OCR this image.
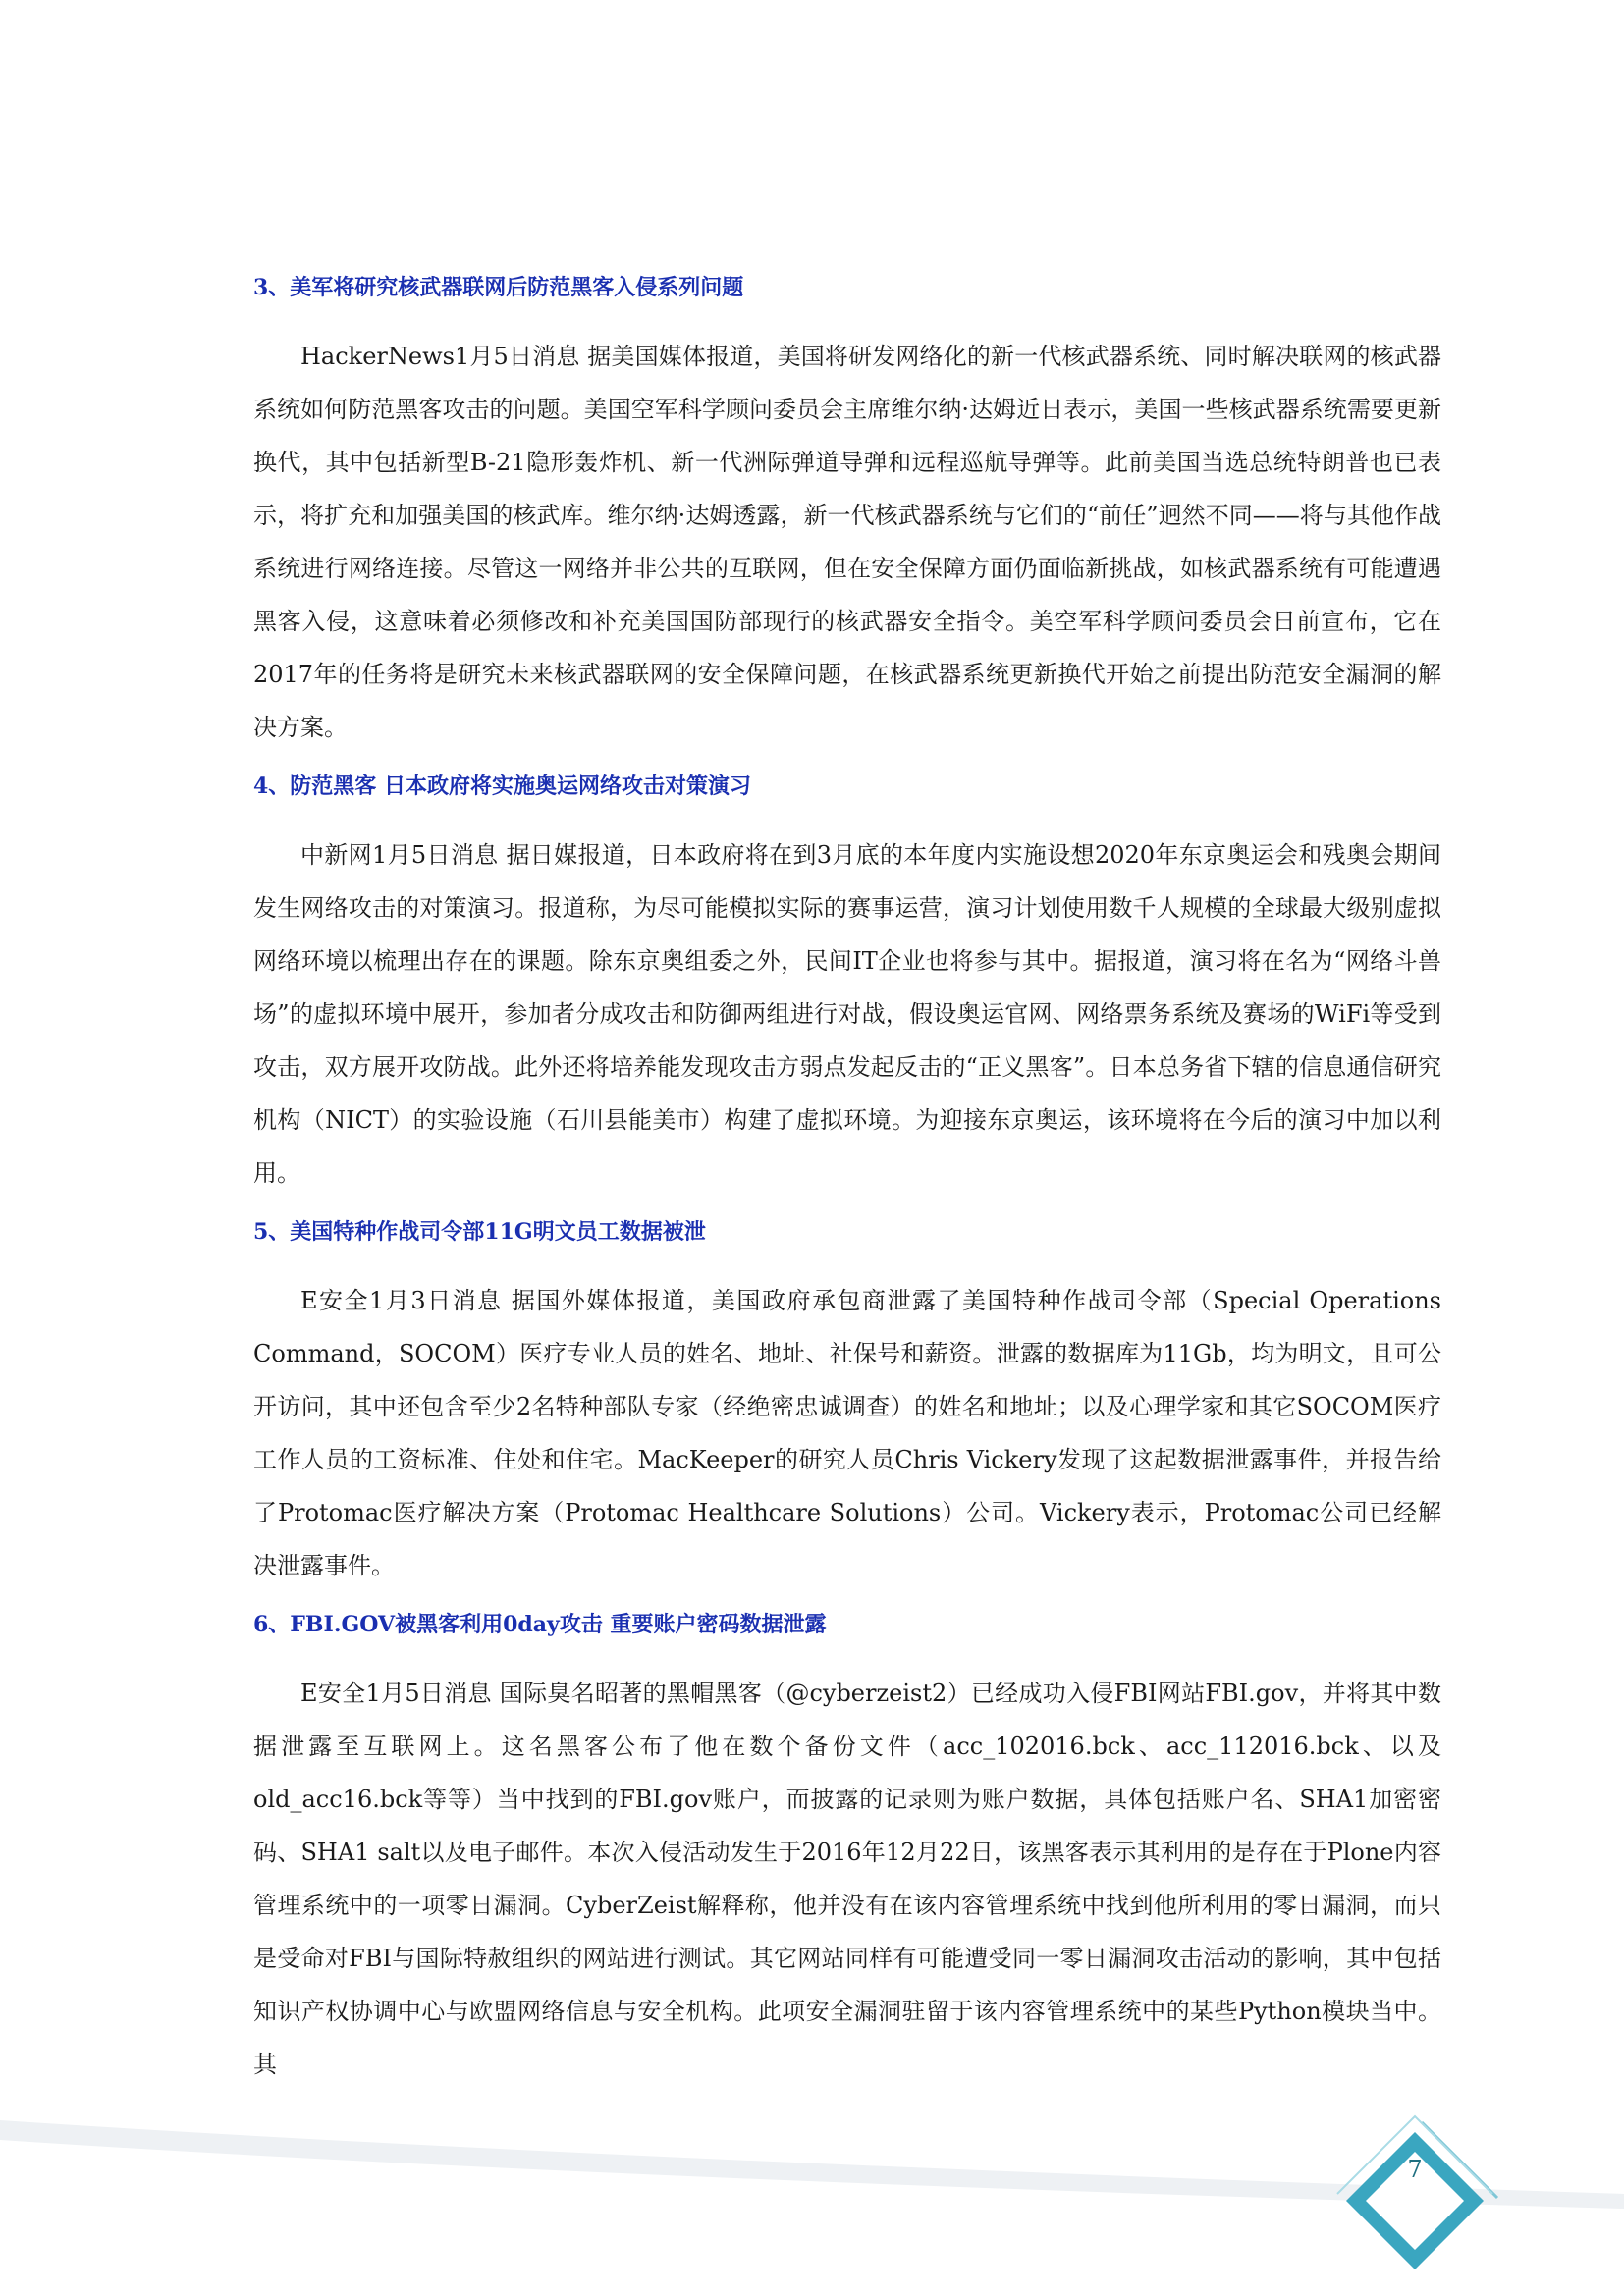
3、美军将研究核武器联网后防范黑客入侵系列问题

HackerNews1月5日消息 据美国媒体报道，美国将研发网络化的新一代核武器系统、同时解决联网的核武器系统如何防范黑客攻击的问题。美国空军科学顾问委员会主席维尔纳·达姆近日表示，美国一些核武器系统需要更新换代，其中包括新型B-21隐形轰炸机、新一代洲际弹道导弹和远程巡航导弹等。此前美国当选总统特朗普也已表示，将扩充和加强美国的核武库。维尔纳·达姆透露，新一代核武器系统与它们的“前任”迥然不同——将与其他作战系统进行网络连接。尽管这一网络并非公共的互联网，但在安全保障方面仍面临新挑战，如核武器系统有可能遭遇黑客入侵，这意味着必须修改和补充美国国防部现行的核武器安全指令。美空军科学顾问委员会日前宣布，它在2017年的任务将是研究未来核武器联网的安全保障问题，在核武器系统更新换代开始之前提出防范安全漏洞的解决方案。

4、防范黑客 日本政府将实施奥运网络攻击对策演习

中新网1月5日消息 据日媒报道，日本政府将在到3月底的本年度内实施设想2020年东京奥运会和残奥会期间发生网络攻击的对策演习。报道称，为尽可能模拟实际的赛事运营，演习计划使用数千人规模的全球最大级别虚拟网络环境以梳理出存在的课题。除东京奥组委之外，民间IT企业也将参与其中。据报道，演习将在名为“网络斗兽场”的虚拟环境中展开，参加者分成攻击和防御两组进行对战，假设奥运官网、网络票务系统及赛场的WiFi等受到攻击，双方展开攻防战。此外还将培养能发现攻击方弱点发起反击的“正义黑客”。日本总务省下辖的信息通信研究机构（NICT）的实验设施（石川县能美市）构建了虚拟环境。为迎接东京奥运，该环境将在今后的演习中加以利用。

5、美国特种作战司令部11G明文员工数据被泄

E安全1月3日消息 据国外媒体报道，美国政府承包商泄露了美国特种作战司令部（Special Operations Command，SOCOM）医疗专业人员的姓名、地址、社保号和薪资。泄露的数据库为11Gb，均为明文，且可公开访问，其中还包含至少2名特种部队专家（经绝密忠诚调查）的姓名和地址；以及心理学家和其它SOCOM医疗工作人员的工资标准、住处和住宅。MacKeeper的研究人员Chris Vickery发现了这起数据泄露事件，并报告给了Protomac医疗解决方案（Protomac Healthcare Solutions）公司。Vickery表示，Protomac公司已经解决泄露事件。

6、FBI.GOV被黑客利用0day攻击 重要账户密码数据泄露

E安全1月5日消息 国际臭名昭著的黑帽黑客（@cyberzeist2）已经成功入侵FBI网站FBI.gov，并将其中数据泄露至互联网上。这名黑客公布了他在数个备份文件（acc_102016.bck、acc_112016.bck、以及old_acc16.bck等等）当中找到的FBI.gov账户，而披露的记录则为账户数据，具体包括账户名、SHA1加密密码、SHA1 salt以及电子邮件。本次入侵活动发生于2016年12月22日，该黑客表示其利用的是存在于Plone内容管理系统中的一项零日漏洞。CyberZeist解释称，他并没有在该内容管理系统中找到他所利用的零日漏洞，而只是受命对FBI与国际特赦组织的网站进行测试。其它网站同样有可能遭受同一零日漏洞攻击活动的影响，其中包括知识产权协调中心与欧盟网络信息与安全机构。此项安全漏洞驻留于该内容管理系统中的某些Python模块当中。其

7
